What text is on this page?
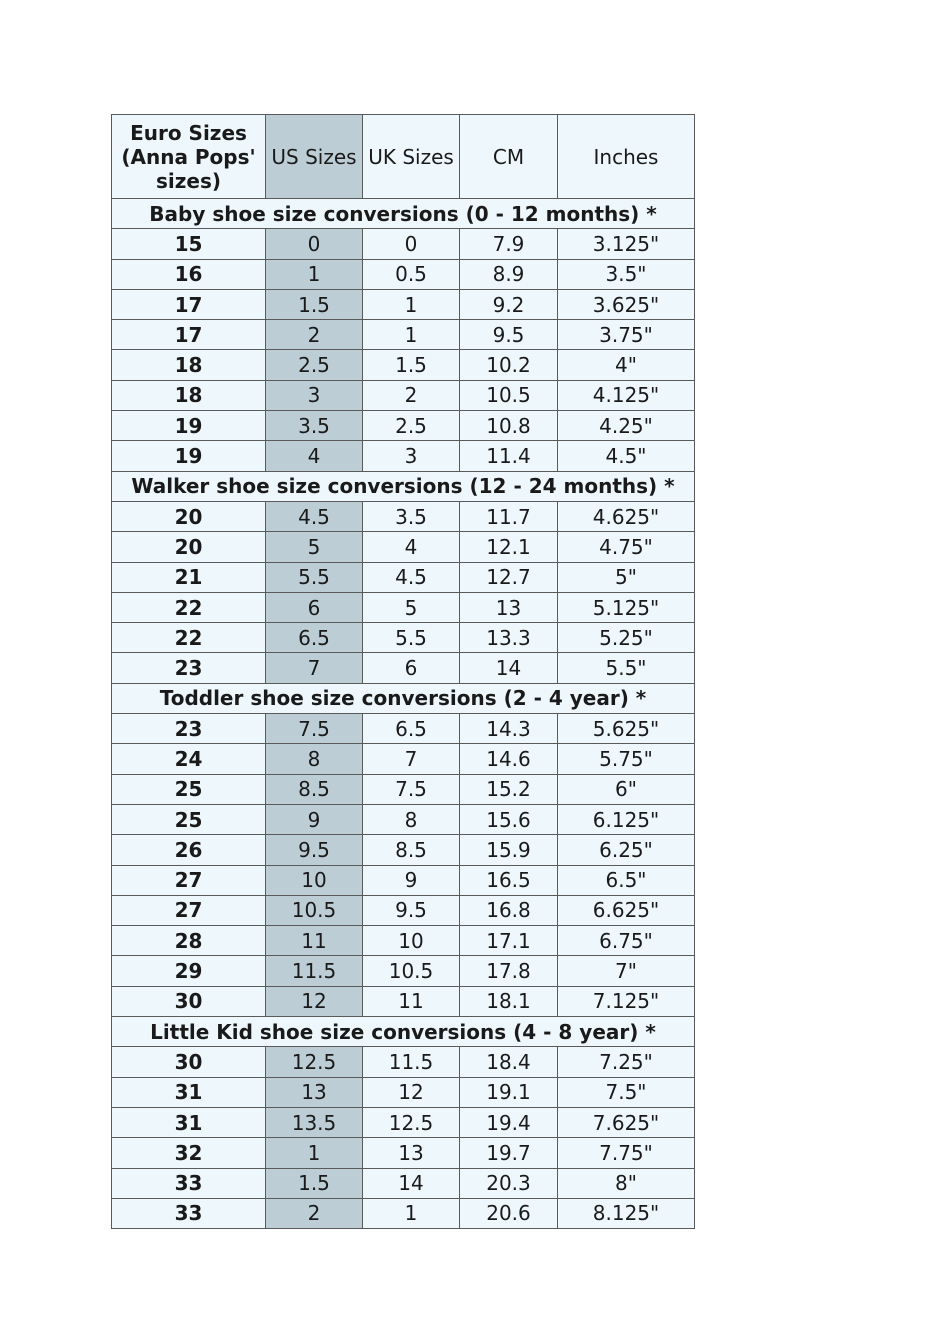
Euro Sizes (Anna Pops' sizes)	US Sizes	UK Sizes	CM	Inches
Baby shoe size conversions (0 - 12 months) *				
15	0	0	7.9	3.125"
16	1	0.5	8.9	3.5"
17	1.5	1	9.2	3.625"
17	2	1	9.5	3.75"
18	2.5	1.5	10.2	4"
18	3	2	10.5	4.125"
19	3.5	2.5	10.8	4.25"
19	4	3	11.4	4.5"
Walker shoe size conversions (12 - 24 months) *				
20	4.5	3.5	11.7	4.625"
20	5	4	12.1	4.75"
21	5.5	4.5	12.7	5"
22	6	5	13	5.125"
22	6.5	5.5	13.3	5.25"
23	7	6	14	5.5"
Toddler shoe size conversions (2 - 4 year) *				
23	7.5	6.5	14.3	5.625"
24	8	7	14.6	5.75"
25	8.5	7.5	15.2	6"
25	9	8	15.6	6.125"
26	9.5	8.5	15.9	6.25"
27	10	9	16.5	6.5"
27	10.5	9.5	16.8	6.625"
28	11	10	17.1	6.75"
29	11.5	10.5	17.8	7"
30	12	11	18.1	7.125"
Little Kid shoe size conversions (4 - 8 year) *				
30	12.5	11.5	18.4	7.25"
31	13	12	19.1	7.5"
31	13.5	12.5	19.4	7.625"
32	1	13	19.7	7.75"
33	1.5	14	20.3	8"
33	2	1	20.6	8.125"
